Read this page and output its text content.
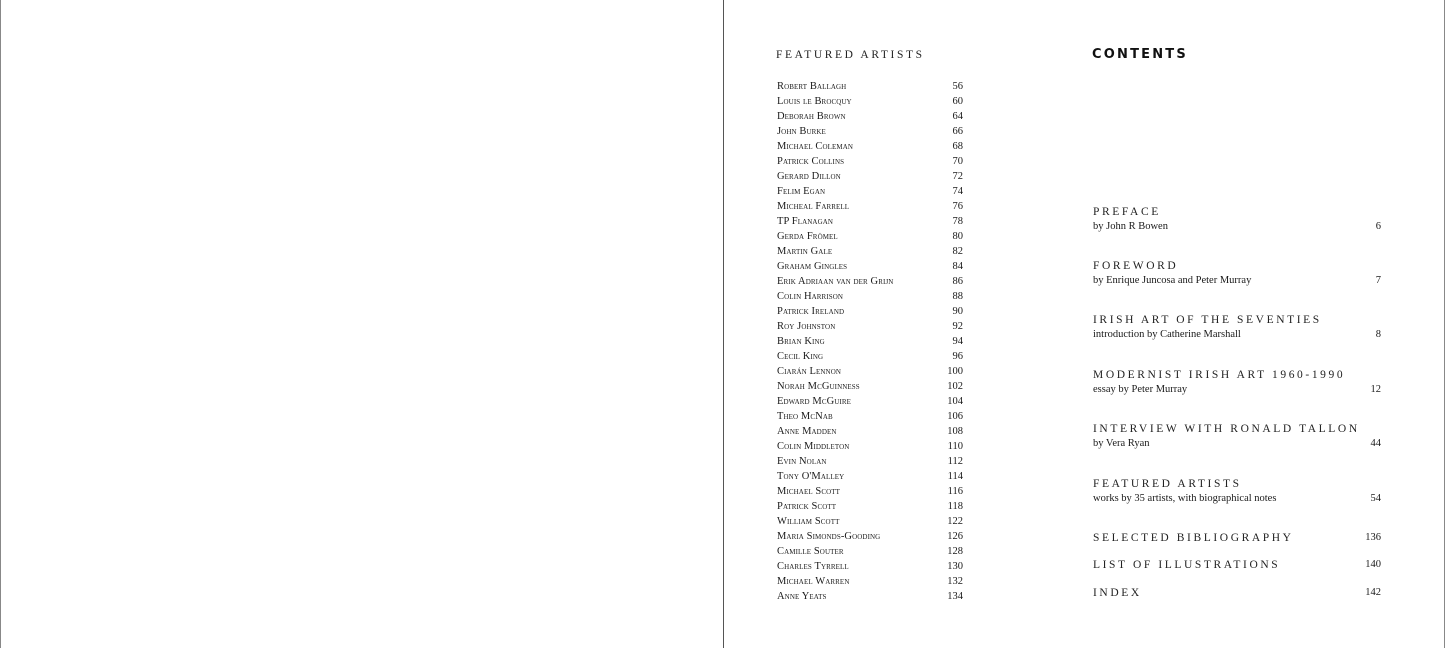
FEATURED ARTISTS
Robert Ballagh	56
Louis le Brocquy	60
Deborah Brown	64
John Burke	66
Michael Coleman	68
Patrick Collins	70
Gerard Dillon	72
Felim Egan	74
Micheal Farrell	76
TP Flanagan	78
Gerda Frömel	80
Martin Gale	82
Graham Gingles	84
Erik Adriaan van der Grijn	86
Colin Harrison	88
Patrick Ireland	90
Roy Johnston	92
Brian King	94
Cecil King	96
Ciarán Lennon	100
Norah McGuinness	102
Edward McGuire	104
Theo McNab	106
Anne Madden	108
Colin Middleton	110
Evin Nolan	112
Tony O'Malley	114
Michael Scott	116
Patrick Scott	118
William Scott	122
Maria Simonds-Gooding	126
Camille Souter	128
Charles Tyrrell	130
Michael Warren	132
Anne Yeats	134
CONTENTS
PREFACE
by John R Bowen	6
FOREWORD
by Enrique Juncosa and Peter Murray	7
IRISH ART OF THE SEVENTIES
introduction by Catherine Marshall	8
MODERNIST IRISH ART 1960-1990
essay by Peter Murray	12
INTERVIEW WITH RONALD TALLON
by Vera Ryan	44
FEATURED ARTISTS
works by 35 artists, with biographical notes	54
SELECTED BIBLIOGRAPHY	136
LIST OF ILLUSTRATIONS	140
INDEX	142
